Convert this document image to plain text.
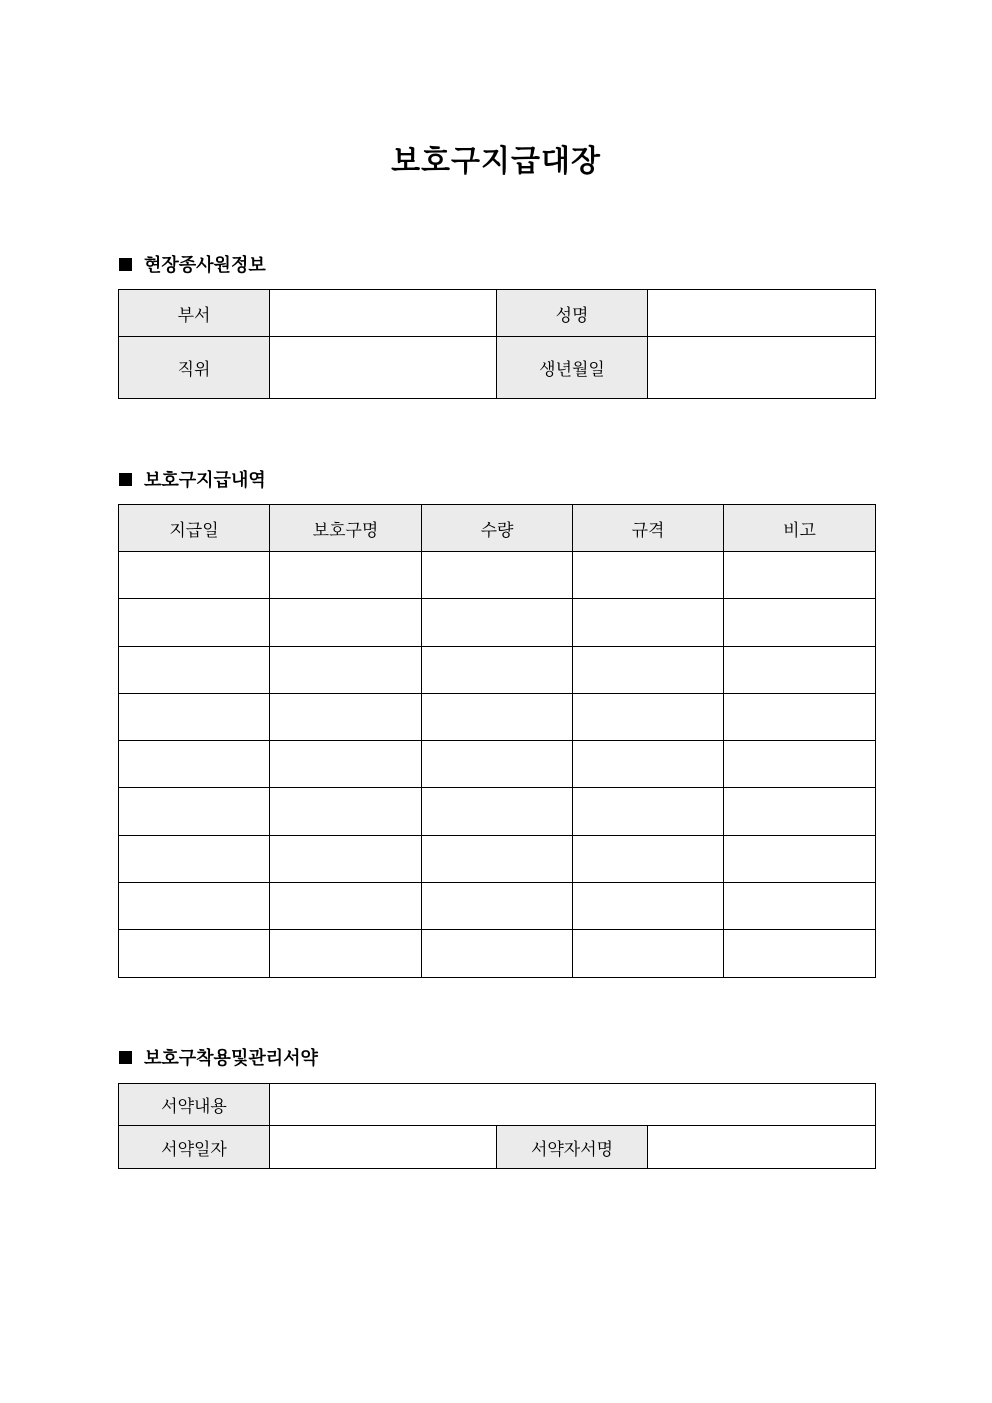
보호구지급대장
현장종사원정보
부서		성명	
직위		생년월일	
보호구지급내역
지급일	보호구명	수량	규격	비고

보호구착용및관리서약
서약내용			
서약일자		서약자서명	
